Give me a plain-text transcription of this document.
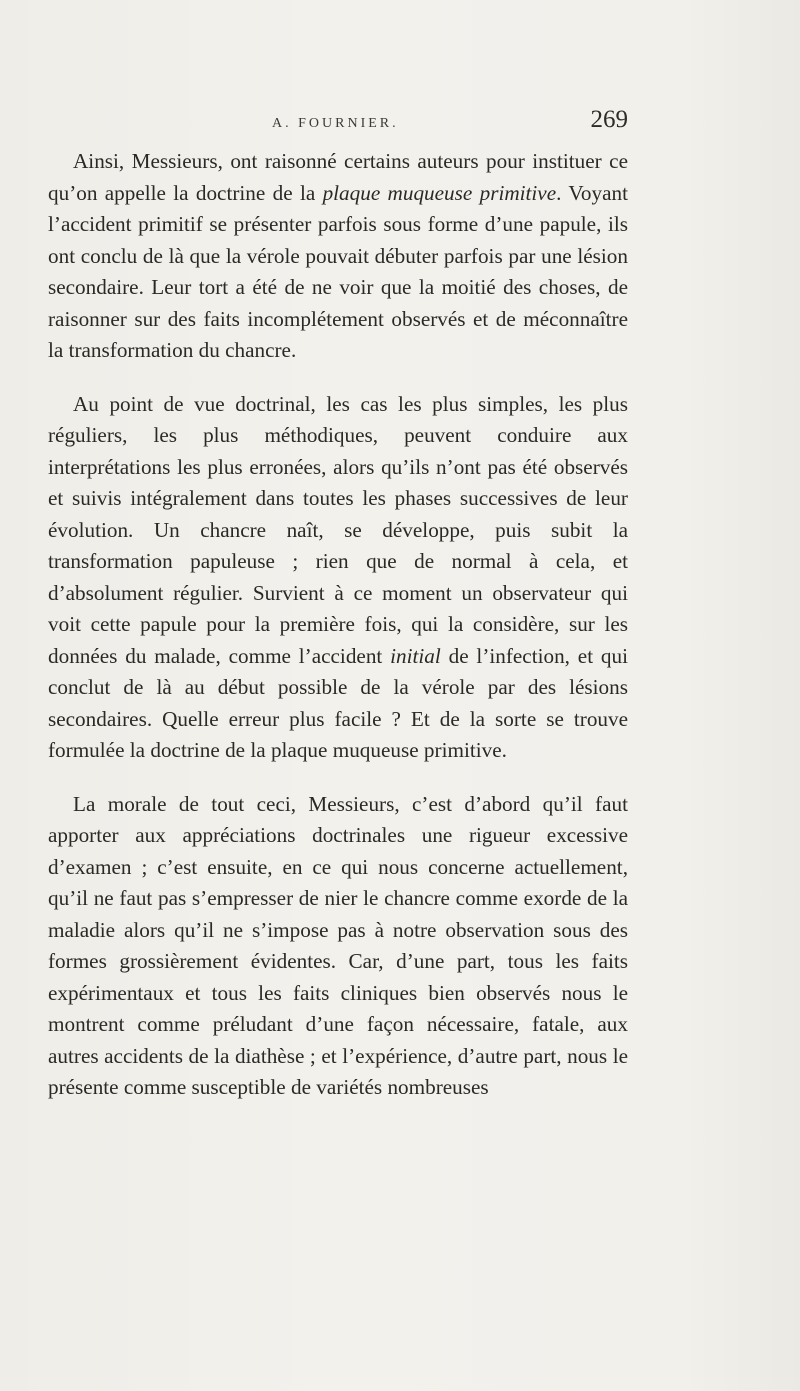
A. FOURNIER.	269

Ainsi, Messieurs, ont raisonné certains auteurs pour instituer ce qu’on appelle la doctrine de la plaque muqueuse primitive. Voyant l’accident primitif se présenter parfois sous forme d’une papule, ils ont conclu de là que la vérole pouvait débuter parfois par une lésion secondaire. Leur tort a été de ne voir que la moitié des choses, de raisonner sur des faits incomplétement observés et de méconnaître la transformation du chancre.

Au point de vue doctrinal, les cas les plus simples, les plus réguliers, les plus méthodiques, peuvent conduire aux interprétations les plus erronées, alors qu’ils n’ont pas été observés et suivis intégralement dans toutes les phases successives de leur évolution. Un chancre naît, se développe, puis subit la transformation papuleuse ; rien que de normal à cela, et d’absolument régulier. Survient à ce moment un observateur qui voit cette papule pour la première fois, qui la considère, sur les données du malade, comme l’accident initial de l’infection, et qui conclut de là au début possible de la vérole par des lésions secondaires. Quelle erreur plus facile ? Et de la sorte se trouve formulée la doctrine de la plaque muqueuse primitive.

La morale de tout ceci, Messieurs, c’est d’abord qu’il faut apporter aux appréciations doctrinales une rigueur excessive d’examen ; c’est ensuite, en ce qui nous concerne actuellement, qu’il ne faut pas s’empresser de nier le chancre comme exorde de la maladie alors qu’il ne s’impose pas à notre observation sous des formes grossièrement évidentes. Car, d’une part, tous les faits expérimentaux et tous les faits cliniques bien observés nous le montrent comme préludant d’une façon nécessaire, fatale, aux autres accidents de la diathèse ; et l’expérience, d’autre part, nous le présente comme susceptible de variétés nombreuses
